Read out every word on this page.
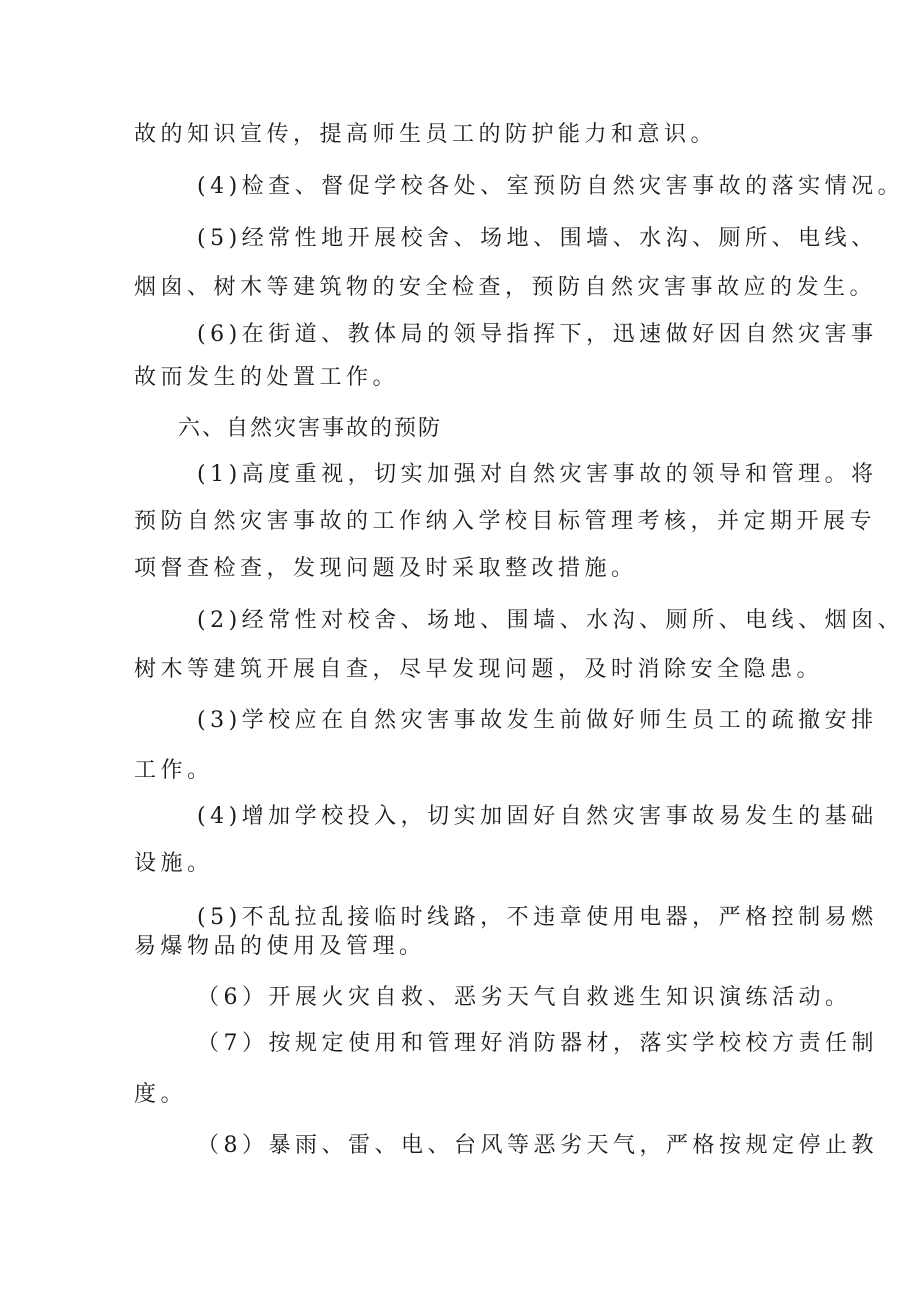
故的知识宣传，提高师生员工的防护能力和意识。
(4)检查、督促学校各处、室预防自然灾害事故的落实情况。
(5)经常性地开展校舍、场地、围墙、水沟、厕所、电线、
烟囱、树木等建筑物的安全检查，预防自然灾害事故应的发生。
(6)在街道、教体局的领导指挥下，迅速做好因自然灾害事
故而发生的处置工作。
六、自然灾害事故的预防
(1)高度重视，切实加强对自然灾害事故的领导和管理。将
预防自然灾害事故的工作纳入学校目标管理考核，并定期开展专
项督查检查，发现问题及时采取整改措施。
(2)经常性对校舍、场地、围墙、水沟、厕所、电线、烟囱、
树木等建筑开展自查，尽早发现问题，及时消除安全隐患。
(3)学校应在自然灾害事故发生前做好师生员工的疏撤安排
工作。
(4)增加学校投入，切实加固好自然灾害事故易发生的基础
设施。
(5)不乱拉乱接临时线路，不违章使用电器，严格控制易燃
易爆物品的使用及管理。
（6）开展火灾自救、恶劣天气自救逃生知识演练活动。
（7）按规定使用和管理好消防器材，落实学校校方责任制
度。
（8）暴雨、雷、电、台风等恶劣天气，严格按规定停止教
